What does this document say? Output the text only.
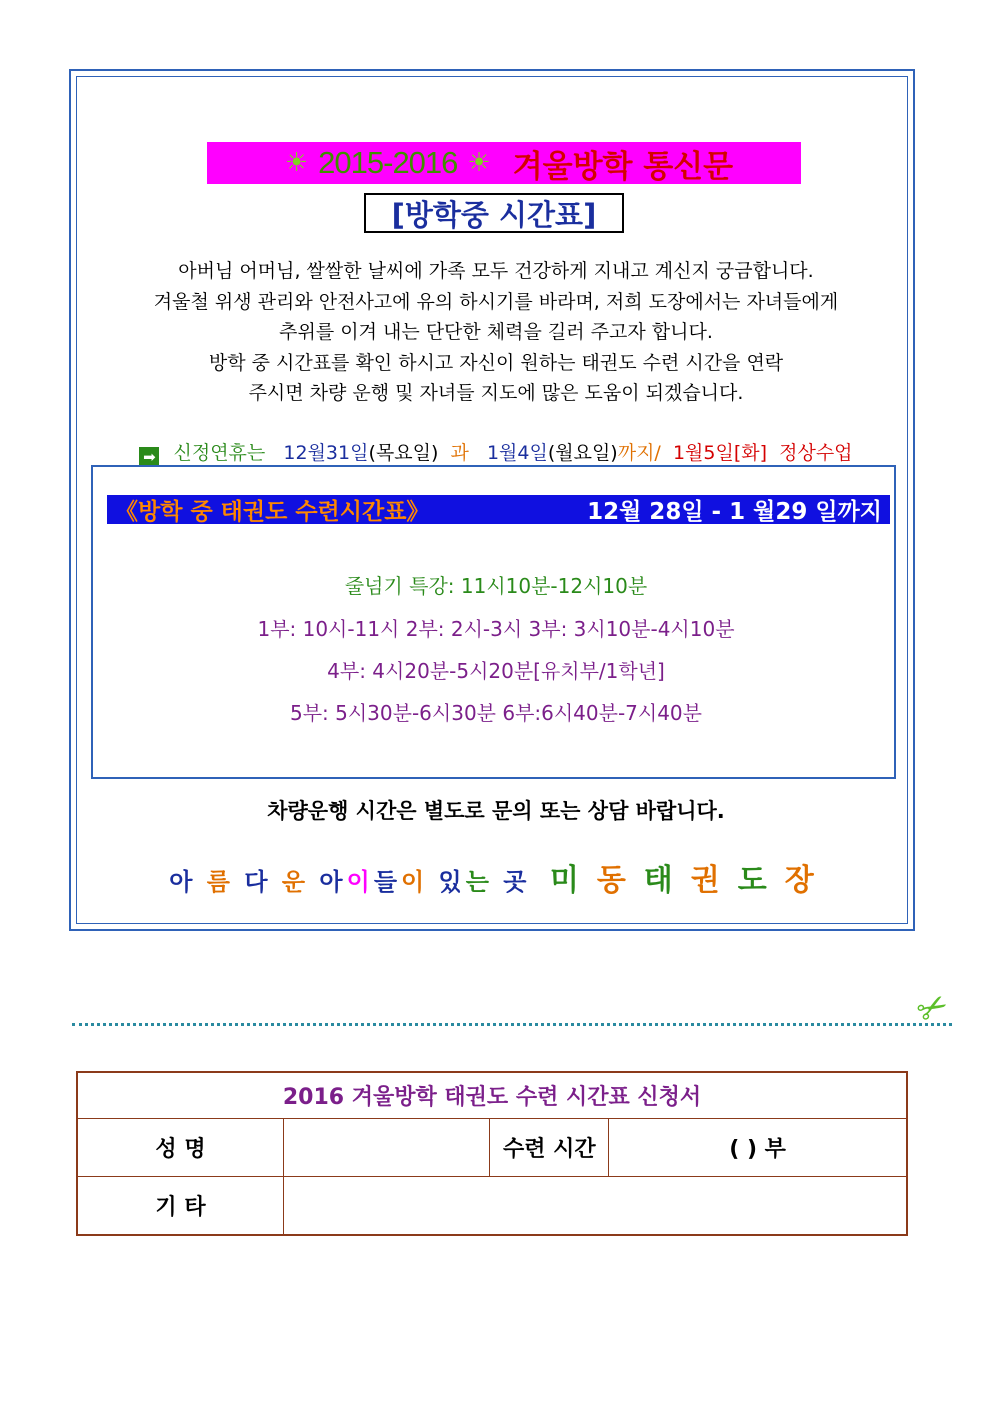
☀ 2015-2016 ☀ 겨울방학 통신문
[방학중 시간표]
아버님 어머님, 쌀쌀한 날씨에 가족 모두 건강하게 지내고 계신지 궁금합니다.
겨울철 위생 관리와 안전사고에 유의 하시기를 바라며, 저희 도장에서는 자녀들에게
추위를 이겨 내는 단단한 체력을 길러 주고자 합니다.
방학 중 시간표를 확인 하시고 자신이 원하는 태권도 수련 시간을 연락
주시면 차량 운행 및 자녀들 지도에 많은 도움이 되겠습니다.
➡ 신정연휴는 12월31일(목요일) 과 1월4일(월요일)까지/ 1월5일[화] 정상수업
《방학 중 태권도 수련시간표》	12월 28일 - 1 월29 일까지
줄넘기 특강: 11시10분-12시10분
1부: 10시-11시 2부: 2시-3시 3부: 3시10분-4시10분
4부: 4시20분-5시20분[유치부/1학년]
5부: 5시30분-6시30분 6부:6시40분-7시40분
차량운행 시간은 별도로 문의 또는 상담 바랍니다.
아 름 다 운 아이들이 있는 곳 미 동 태 권 도 장
✂
2016 겨울방학 태권도 수련 시간표 신청서			
성 명		수련 시간	( ) 부
기 타			
